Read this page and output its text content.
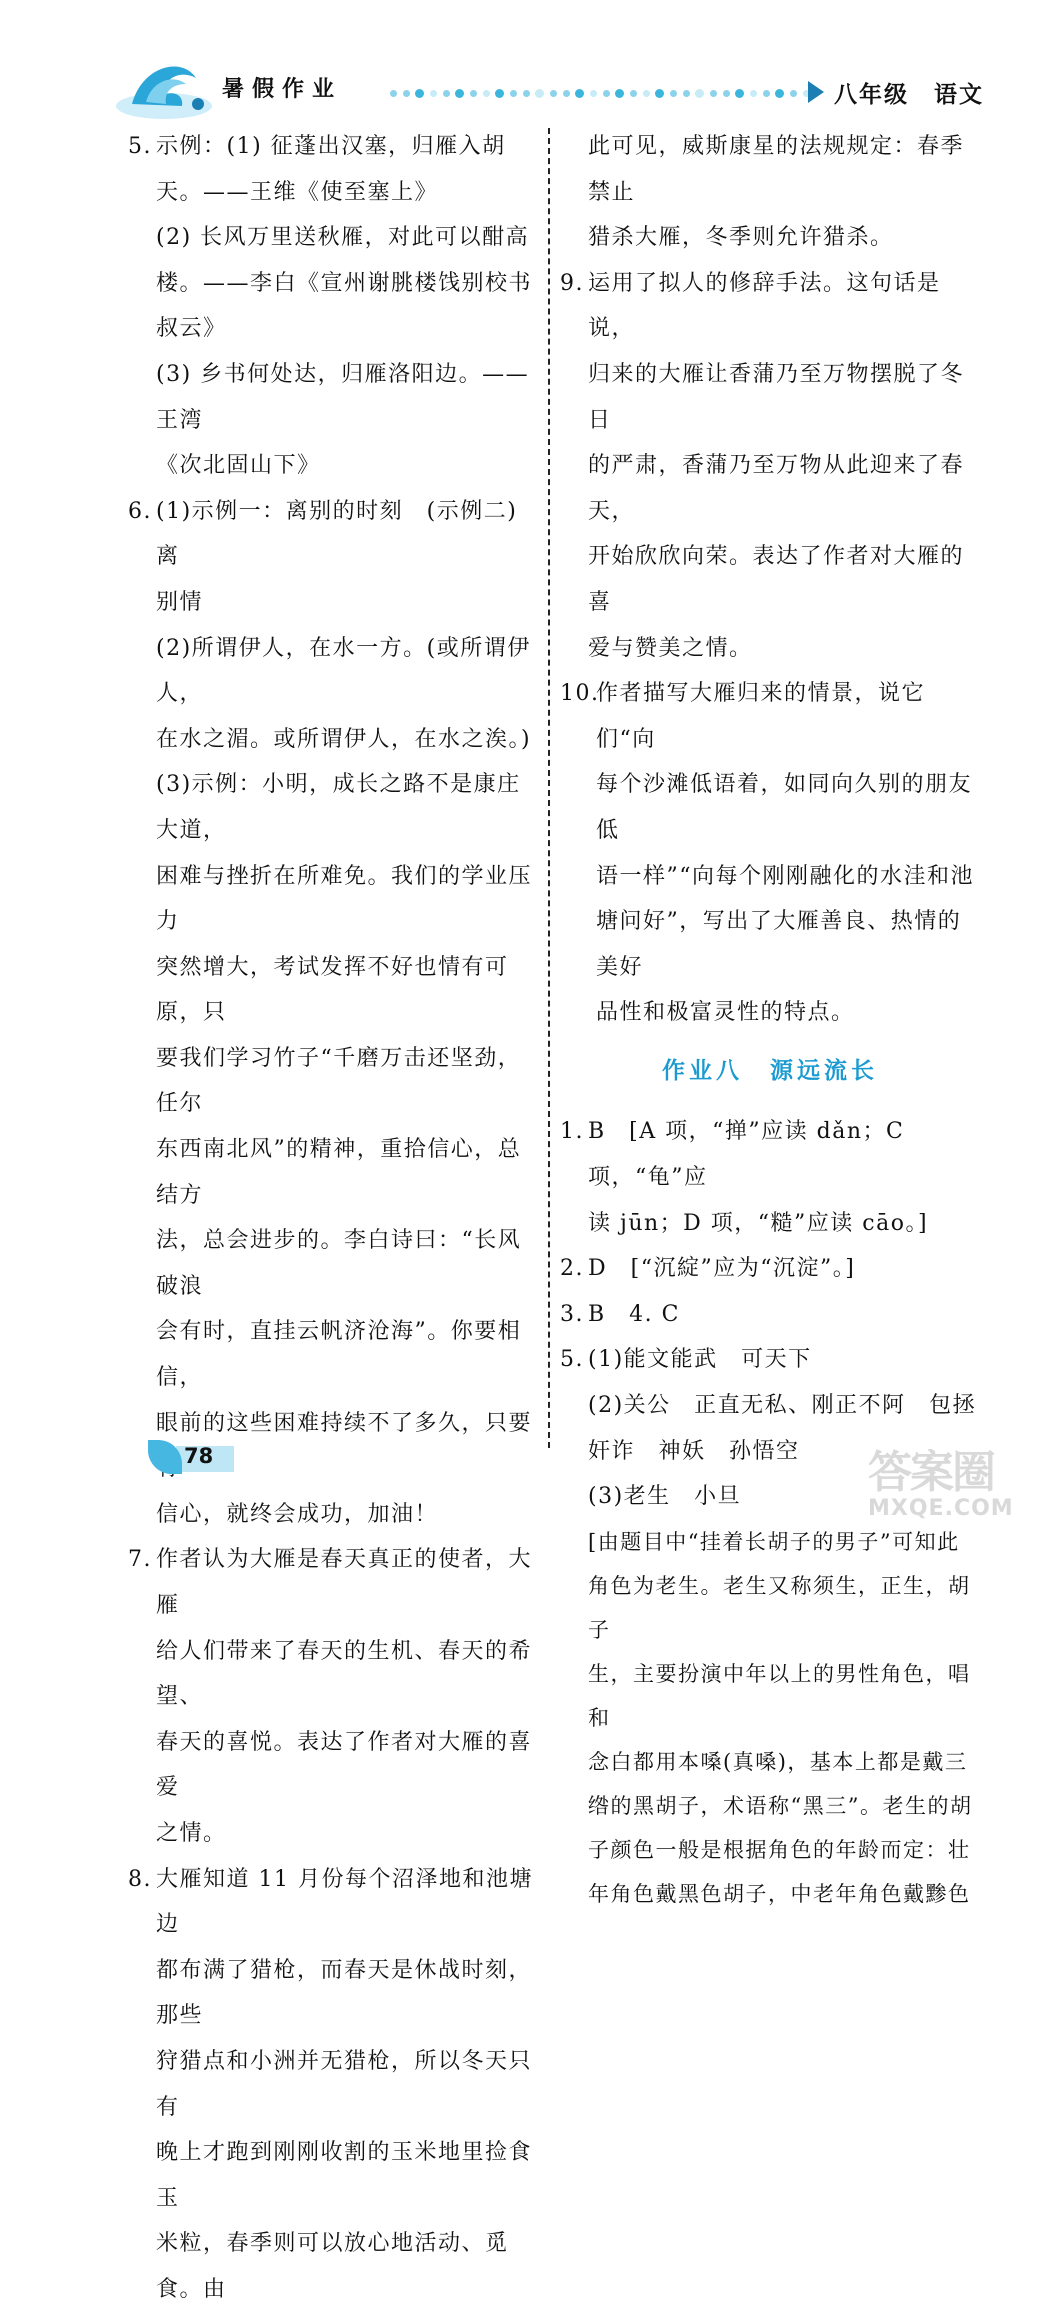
暑假作业	八年级　语文
5. 示例：(1) 征蓬出汉塞，归雁入胡
天。——王维《使至塞上》
(2) 长风万里送秋雁，对此可以酣高
楼。——李白《宣州谢朓楼饯别校书
叔云》
(3) 乡书何处达，归雁洛阳边。——王湾
《次北固山下》
6. (1)示例一：离别的时刻　(示例二)离
别情
(2)所谓伊人，在水一方。(或所谓伊人，
在水之湄。或所谓伊人，在水之涘。)
(3)示例：小明，成长之路不是康庄大道，
困难与挫折在所难免。我们的学业压力
突然增大，考试发挥不好也情有可原，只
要我们学习竹子“千磨万击还坚劲，任尔
东西南北风”的精神，重拾信心，总结方
法，总会进步的。李白诗曰：“长风破浪
会有时，直挂云帆济沧海”。你要相信，
眼前的这些困难持续不了多久，只要
信心，就终会成功，加油！
7. 作者认为大雁是春天真正的使者，大雁
给人们带来了春天的生机、春天的希望、
春天的喜悦。表达了作者对大雁的喜爱
之情。
8. 大雁知道 11 月份每个沼泽地和池塘边
都布满了猎枪，而春天是休战时刻，那些
狩猎点和小洲并无猎枪，所以冬天只有
晚上才跑到刚刚收割的玉米地里捡食玉
米粒，春季则可以放心地活动、觅食。由
此可见，威斯康星的法规规定：春季禁止
猎杀大雁，冬季则允许猎杀。
9. 运用了拟人的修辞手法。这句话是说，
归来的大雁让香蒲乃至万物摆脱了冬日
的严肃，香蒲乃至万物从此迎来了春天，
开始欣欣向荣。表达了作者对大雁的喜
爱与赞美之情。
10.
作者描写大雁归来的情景，说它们“向
每个沙滩低语着，如同向久别的朋友低
语一样”“向每个刚刚融化的水洼和池
塘问好”，写出了大雁善良、热情的美好
品性和极富灵性的特点。
作业八　源远流长
1. B　[A 项，“掸”应读 dǎn；C 项，“龟”应
读 jūn；D 项，“糙”应读 cāo。]
2. D　[“沉綻”应为“沉淀”。]
3. B　4. C
5. (1)能文能武　可天下
(2)关公　正直无私、刚正不阿　包拯
奸诈　神妖　孙悟空
(3)老生　小旦
[由题目中“挂着长胡子的男子”可知此
角色为老生。老生又称须生，正生，胡子
生，主要扮演中年以上的男性角色，唱和
念白都用本嗓(真嗓)，基本上都是戴三
绺的黑胡子，术语称“黑三”。老生的胡
子颜色一般是根据角色的年龄而定：壮
年角色戴黑色胡子，中老年角色戴黪色
78	答案圈
MXQE.COM
